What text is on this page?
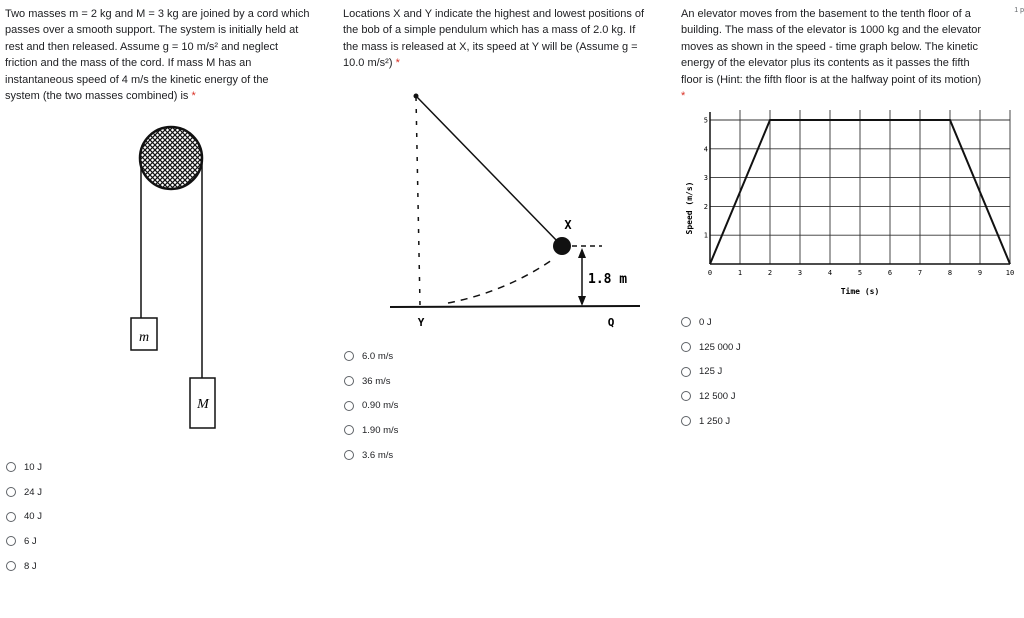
Two masses m = 2 kg and M = 3 kg are joined by a cord which
passes over a smooth support. The system is initially held at
rest and then released. Assume g = 10 m/s² and neglect
friction and the mass of the cord. If mass M has an
instantaneous speed of 4 m/s the kinetic energy of the
system (the two masses combined) is *
m
M
10 J
24 J
40 J
6 J
8 J
Locations X and Y indicate the highest and lowest positions of
the bob of a simple pendulum which has a mass of 2.0 kg. If
the mass is released at X, its speed at Y will be (Assume g =
10.0 m/s²) *
X
1.8 m
Y	Q
6.0 m/s
36 m/s
0.90 m/s
1.90 m/s
3.6 m/s
An elevator moves from the basement to the tenth floor of a
building. The mass of the elevator is 1000 kg and the elevator
moves as shown in the speed - time graph below. The kinetic
energy of the elevator plus its contents as it passes the fifth
floor is (Hint: the fifth floor is at the halfway point of its motion)
*
1 p
0	1	2	3	4	5	6	7	8	9	10
1
2
3
4
5
Time (s)
Speed (m/s)
0 J
125 000 J
125 J
12 500 J
1 250 J
